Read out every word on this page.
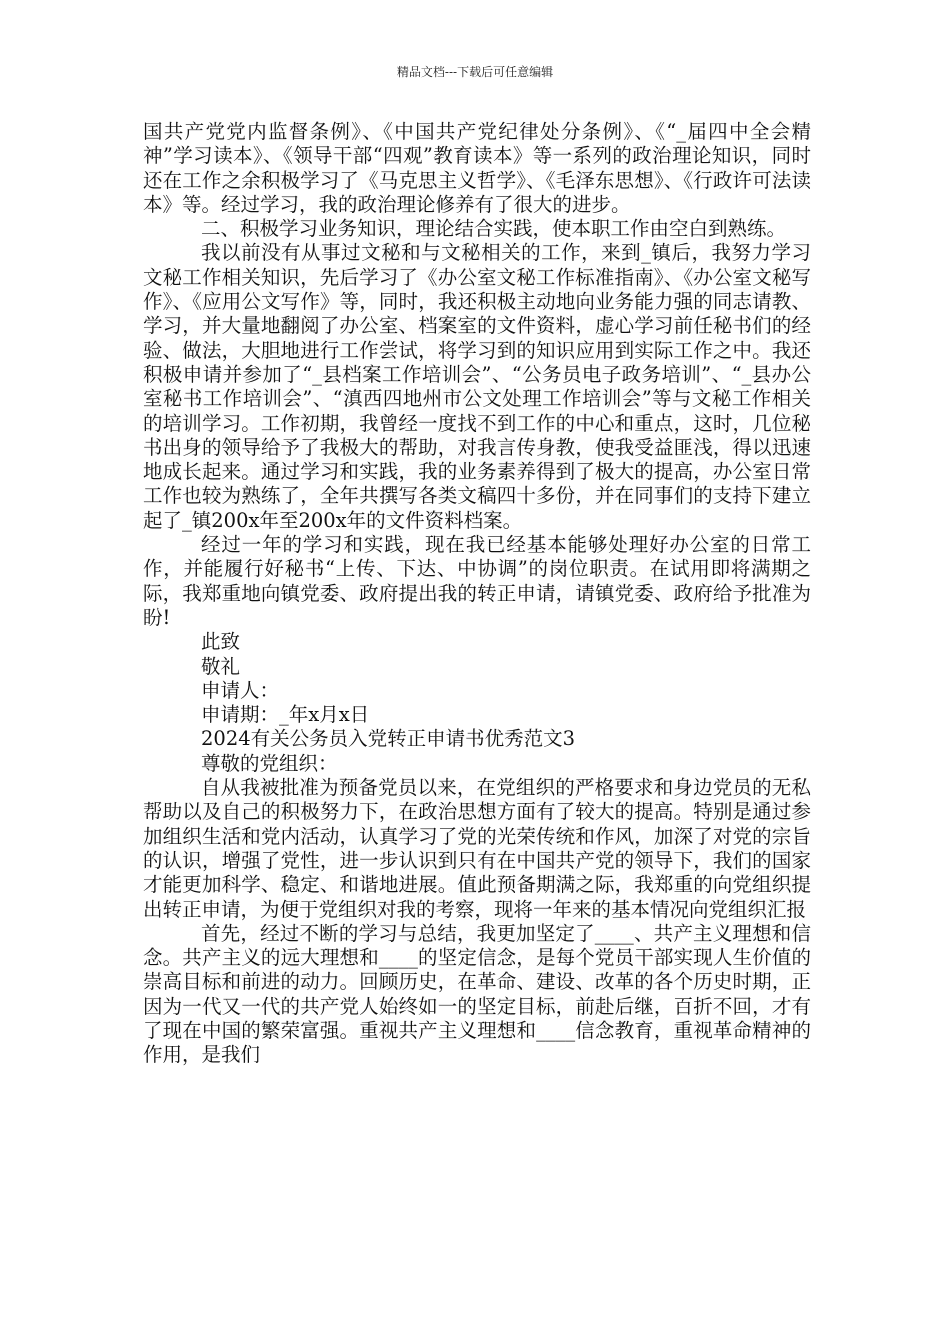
精品文档---下载后可任意编辑

国共产党党内监督条例》、《中国共产党纪律处分条例》、《“_届四中全会精神”学习读本》、《领导干部“四观”教育读本》等一系列的政治理论知识，同时还在工作之余积极学习了《马克思主义哲学》、《毛泽东思想》、《行政许可法读本》等。经过学习，我的政治理论修养有了很大的进步。

二、积极学习业务知识，理论结合实践，使本职工作由空白到熟练。

我以前没有从事过文秘和与文秘相关的工作，来到_镇后，我努力学习文秘工作相关知识，先后学习了《办公室文秘工作标准指南》、《办公室文秘写作》、《应用公文写作》等，同时，我还积极主动地向业务能力强的同志请教、学习，并大量地翻阅了办公室、档案室的文件资料，虚心学习前任秘书们的经验、做法，大胆地进行工作尝试，将学习到的知识应用到实际工作之中。我还积极申请并参加了“_县档案工作培训会”、“公务员电子政务培训”、“_县办公室秘书工作培训会”、“滇西四地州市公文处理工作培训会”等与文秘工作相关的培训学习。工作初期，我曾经一度找不到工作的中心和重点，这时，几位秘书出身的领导给予了我极大的帮助，对我言传身教，使我受益匪浅，得以迅速地成长起来。通过学习和实践，我的业务素养得到了极大的提高，办公室日常工作也较为熟练了，全年共撰写各类文稿四十多份，并在同事们的支持下建立起了_镇200x年至200x年的文件资料档案。

经过一年的学习和实践，现在我已经基本能够处理好办公室的日常工作，并能履行好秘书“上传、下达、中协调”的岗位职责。在试用即将满期之际，我郑重地向镇党委、政府提出我的转正申请，请镇党委、政府给予批准为盼!

此致

敬礼

申请人：

申请期：_年x月x日

2024有关公务员入党转正申请书优秀范文3

尊敬的党组织：

自从我被批准为预备党员以来，在党组织的严格要求和身边党员的无私帮助以及自己的积极努力下，在政治思想方面有了较大的提高。特别是通过参加组织生活和党内活动，认真学习了党的光荣传统和作风，加深了对党的宗旨的认识，增强了党性，进一步认识到只有在中国共产党的领导下，我们的国家才能更加科学、稳定、和谐地进展。值此预备期满之际，我郑重的向党组织提出转正申请，为便于党组织对我的考察，现将一年来的基本情况向党组织汇报

首先，经过不断的学习与总结，我更加坚定了____、共产主义理想和信念。共产主义的远大理想和____的坚定信念，是每个党员干部实现人生价值的崇高目标和前进的动力。回顾历史，在革命、建设、改革的各个历史时期，正因为一代又一代的共产党人始终如一的坚定目标，前赴后继，百折不回，才有了现在中国的繁荣富强。重视共产主义理想和____信念教育，重视革命精神的作用，是我们
